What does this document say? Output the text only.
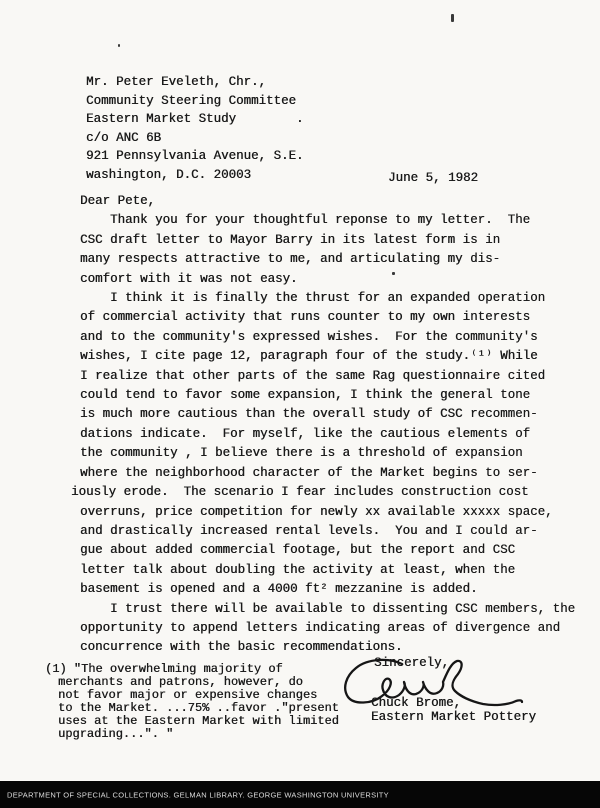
Mr. Peter Eveleth, Chr.,
Community Steering Committee
Eastern Market Study        .
c/o ANC 6B
921 Pennsylvania Avenue, S.E.
washington, D.C. 20003	June 5, 1982
Dear Pete,
Thank you for your thoughtful reponse to my letter.  The
CSC draft letter to Mayor Barry in its latest form is in
many respects attractive to me, and articulating my dis-
comfort with it was not easy.
I think it is finally the thrust for an expanded operation
of commercial activity that runs counter to my own interests
and to the community's expressed wishes.  For the community's
wishes, I cite page 12, paragraph four of the study.⁽¹⁾ While
I realize that other parts of the same Rag questionnaire cited
could tend to favor some expansion, I think the general tone
is much more cautious than the overall study of CSC recommen-
dations indicate.  For myself, like the cautious elements of
the community , I believe there is a threshold of expansion
where the neighborhood character of the Market begins to ser-
iously erode.  The scenario I fear includes construction cost
overruns, price competition for newly xx available xxxxx space,
and drastically increased rental levels.  You and I could ar-
gue about added commercial footage, but the report and CSC
letter talk about doubling the activity at least, when the
basement is opened and a 4000 ft² mezzanine is added.
I trust there will be available to dissenting CSC members, the
opportunity to append letters indicating areas of divergence and
concurrence with the basic recommendations.
(1) "The overwhelming majority of
merchants and patrons, however, do
not favor major or expensive changes
to the Market. ...75% ..favor ."present
uses at the Eastern Market with limited
upgrading...". "
Sincerely,
Chuck Brome,
Eastern Market Pottery
DEPARTMENT OF SPECIAL COLLECTIONS. GELMAN LIBRARY. GEORGE WASHINGTON UNIVERSITY
